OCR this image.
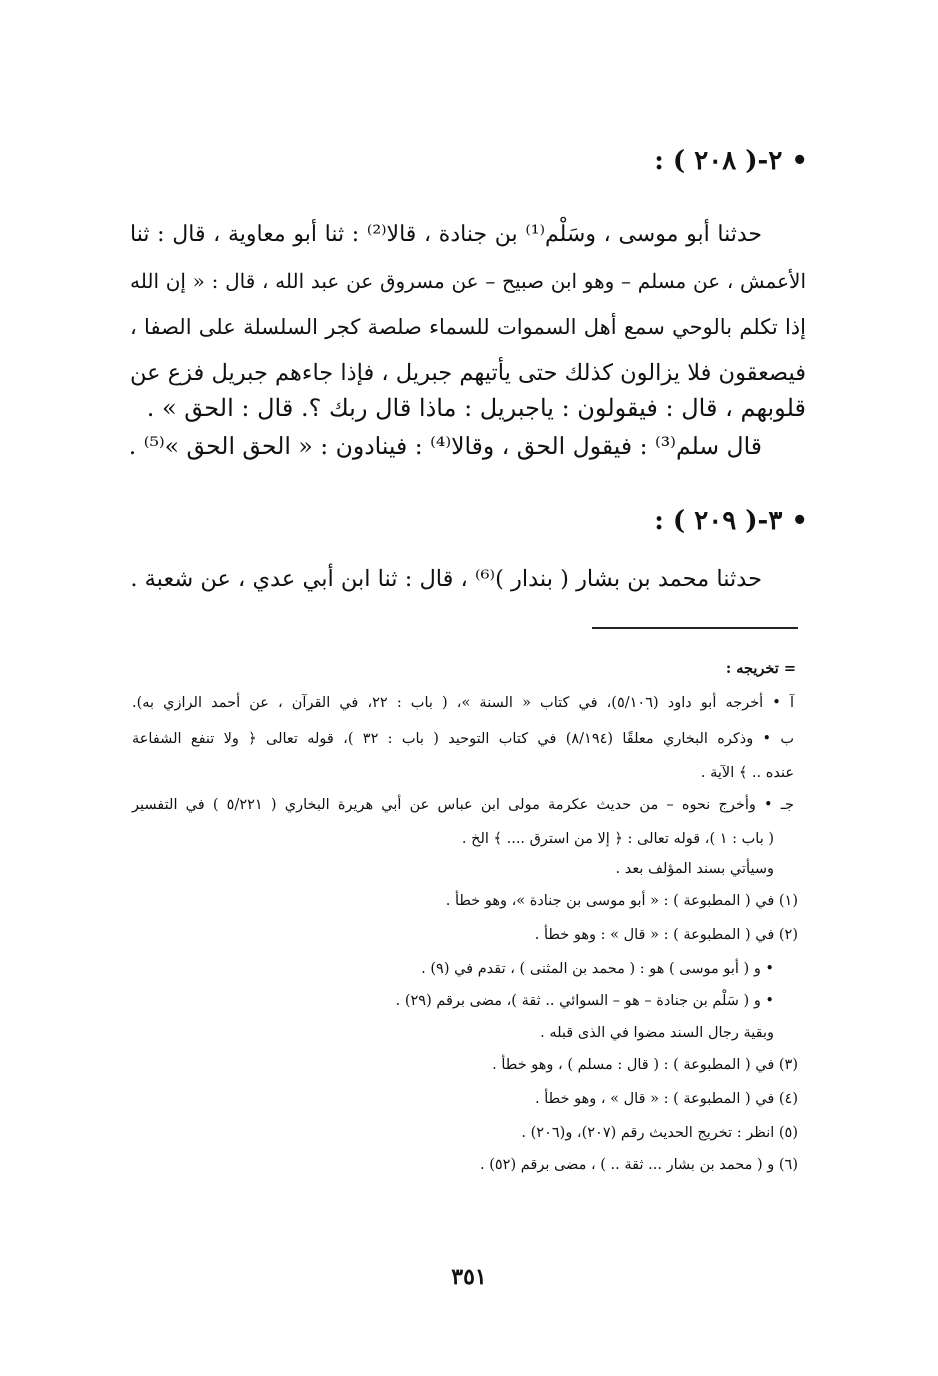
• ٢-( ٢٠٨ ) :
حدثنا أبو موسى ، وسَلْم⁽¹⁾ بن جنادة ، قالا⁽²⁾ : ثنا أبو معاوية ، قال : ثنا
الأعمش ، عن مسلم – وهو ابن صبيح – عن مسروق عن عبد الله ، قال : « إن الله
إذا تكلم بالوحي سمع أهل السموات للسماء صلصة كجر السلسلة على الصفا ،
فيصعقون فلا يزالون كذلك حتى يأتيهم جبريل ، فإذا جاءهم جبريل فزع عن
قلوبهم ، قال : فيقولون : ياجبريل : ماذا قال ربك ؟. قال : الحق » .
قال سلم⁽³⁾ : فيقول الحق ، وقالا⁽⁴⁾ : فينادون : « الحق الحق »⁽⁵⁾ .
• ٣-( ٢٠٩ ) :
حدثنا محمد بن بشار ( بندار )⁽⁶⁾ ، قال : ثنا ابن أبي عدي ، عن شعبة .
= تخريجه :
آ • أخرجه أبو داود (٥/١٠٦)، في كتاب « السنة »، ( باب : ٢٢، في القرآن ، عن أحمد الرازي به).
ب • وذكره البخاري معلقًا (٨/١٩٤) في كتاب التوحيد ( باب : ٣٢ )، قوله تعالى ﴿ ولا تنفع الشفاعة
عنده .. ﴾ الآية .
جـ • وأخرج نحوه – من حديث عكرمة مولى ابن عباس عن أبي هريرة البخاري ( ٥/٢٢١ ) في التفسير
( باب : ١ )، قوله تعالى : ﴿ إلا من استرق .... ﴾ الخ .
وسيأتي بسند المؤلف بعد .
(١) في ( المطبوعة ) : « أبو موسى بن جنادة »، وهو خطأ .
(٢) في ( المطبوعة ) : « قال » : وهو خطأ .
• و ( أبو موسى ) هو : ( محمد بن المثنى ) ، تقدم في (٩) .
• و ( سَلْم بن جنادة – هو – السوائي .. ثقة )، مضى برقم (٢٩) .
وبقية رجال السند مضوا في الذى قبله .
(٣) في ( المطبوعة ) : ( قال : مسلم ) ، وهو خطأ .
(٤) في ( المطبوعة ) : « قال » ، وهو خطأ .
(٥) انظر : تخريج الحديث رقم (٢٠٧)، و(٢٠٦) .
(٦) و ( محمد بن بشار ... ثقة .. ) ، مضى برقم (٥٢) .
٣٥١
